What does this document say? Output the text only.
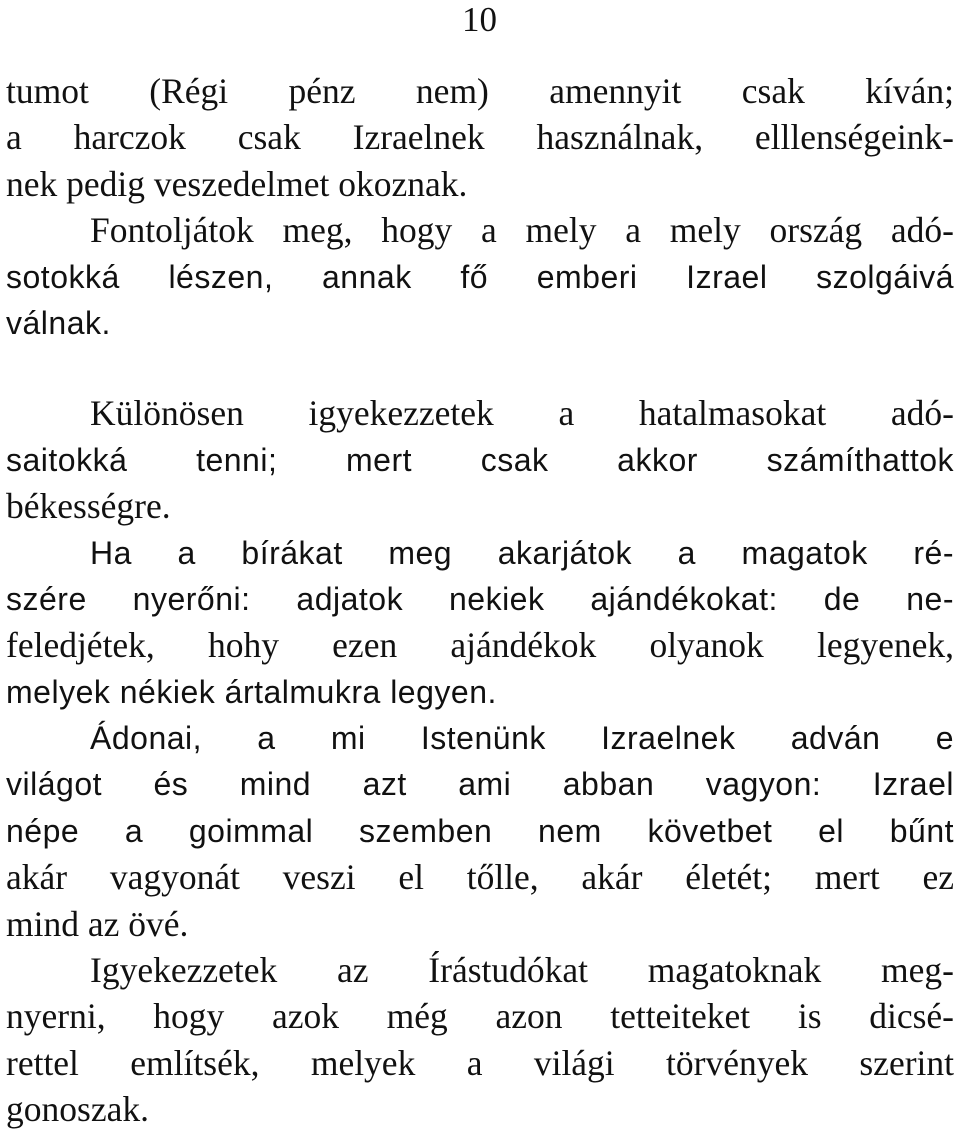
10
tumot (Régi pénz nem) amennyit csak kíván;
a harczok csak Izraelnek használnak, elllenségeink-
nek pedig veszedelmet okoznak.
Fontoljátok meg, hogy a mely a mely ország adó-
sotokká lészen, annak fő emberi Izrael szolgáivá
válnak.
Különösen igyekezzetek a hatalmasokat adó-
saitokká tenni; mert csak akkor számíthattok
békességre.
Ha a bírákat meg akarjátok a magatok ré-
szére nyerőni: adjatok nekiek ajándékokat: de ne-
feledjétek, hohy ezen ajándékok olyanok legyenek,
melyek nékiek ártalmukra legyen.
Ádonai, a mi Istenünk Izraelnek adván e
világot és mind azt ami abban vagyon: Izrael
népe a goimmal szemben nem követbet el bűnt
akár vagyonát veszi el tőlle, akár életét; mert ez
mind az övé.
Igyekezzetek az Írástudókat magatoknak meg-
nyerni, hogy azok még azon tetteiteket is dicsé-
rettel említsék, melyek a világi törvények szerint
gonoszak.
